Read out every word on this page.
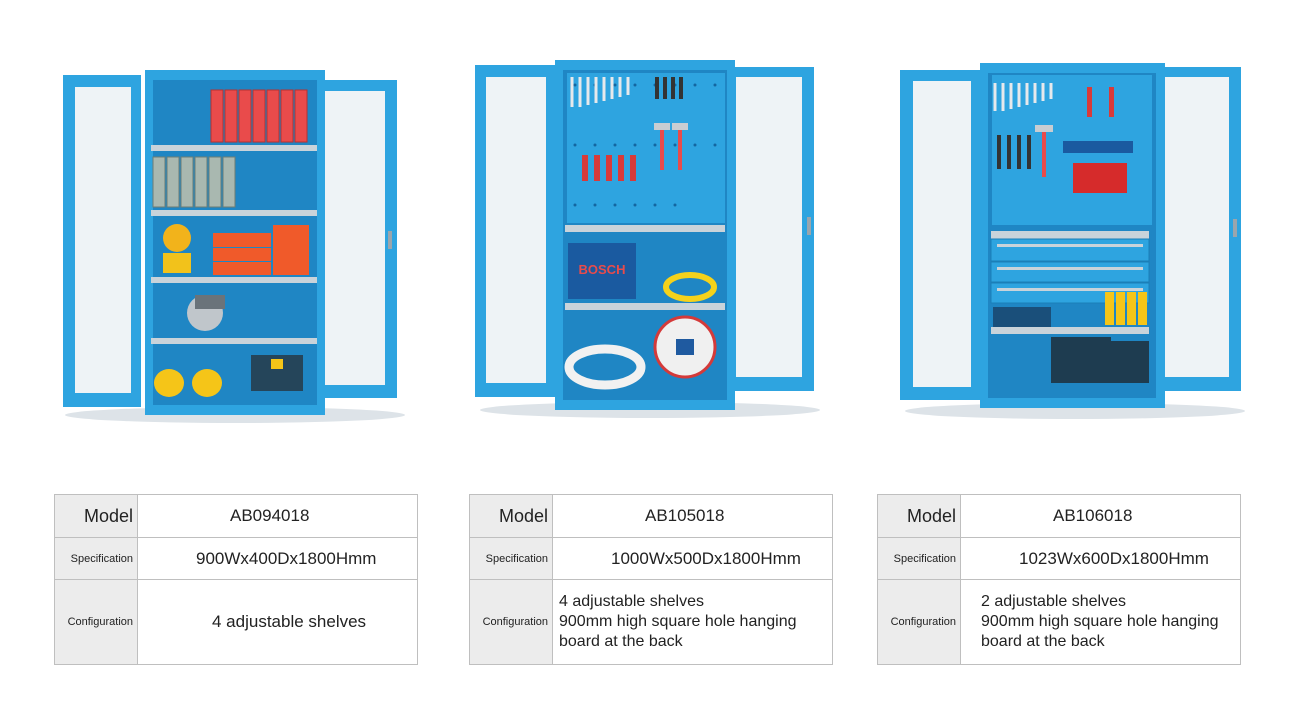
BOSCH
Model	AB094018
Specification	900Wx400Dx1800Hmm
Configuration	4 adjustable shelves
Model	AB105018
Specification	1000Wx500Dx1800Hmm
Configuration	4 adjustable shelves
900mm high square hole hanging
board at the back
Model	AB106018
Specification	1023Wx600Dx1800Hmm
Configuration	2 adjustable shelves
900mm high square hole hanging
board at the back
